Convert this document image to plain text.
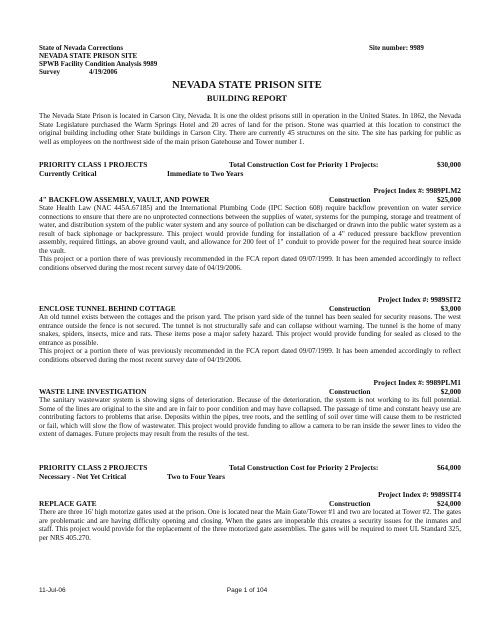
State of Nevada Corrections
NEVADA STATE PRISON SITE
SPWB Facility Condition Analysis 9989
Survey	4/19/2006
Site number: 9989
NEVADA STATE PRISON SITE
BUILDING REPORT

The Nevada State Prison is located in Carson City, Nevada. It is one the oldest prisons still in operation in the United States. In 1862, the Nevada State Legislature purchased the Warm Springs Hotel and 20 acres of land for the prison. Stone was quarried at this location to construct the original building including other State buildings in Carson City. There are currently 45 structures on the site. The site has parking for public as well as employees on the northwest side of the main prison Gatehouse and Tower number 1.

PRIORITY CLASS 1 PROJECTS	Total Construction Cost for Priority 1 Projects:	$30,000
Currently Critical	Immediate to Two Years
Project Index #: 9989PLM2
4" BACKFLOW ASSEMBLY, VAULT, AND POWER	Construction	$25,000

State Health Law (NAC 445A.67185) and the International Plumbing Code (IPC Section 608) require backflow prevention on water service connections to ensure that there are no unprotected connections between the supplies of water, systems for the pumping, storage and treatment of water, and distribution system of the public water system and any source of pollution can be discharged or drawn into the public water system as a result of back siphonage or backpressure. This project would provide funding for installation of a 4" reduced pressure backflow prevention assembly, required fittings, an above ground vault, and allowance for 200 feet of 1" conduit to provide power for the required heat source inside the vault.

This project or a portion there of was previously recommended in the FCA report dated 09/07/1999. It has been amended accordingly to reflect conditions observed during the most recent survey date of 04/19/2006.

Project Index #: 9989SIT2
ENCLOSE TUNNEL BEHIND COTTAGE	Construction	$3,000

An old tunnel exists between the cottages and the prison yard. The prison yard side of the tunnel has been sealed for security reasons. The west entrance outside the fence is not secured. The tunnel is not structurally safe and can collapse without warning. The tunnel is the home of many snakes, spiders, insects, mice and rats. These items pose a major safety hazard. This project would provide funding for sealed as closed to the entrance as possible.

This project or a portion there of was previously recommended in the FCA report dated 09/07/1999. It has been amended accordingly to reflect conditions observed during the most recent survey date of 04/19/2006.

Project Index #: 9989PLM1
WASTE LINE INVESTIGATION	Construction	$2,000

The sanitary wastewater system is showing signs of deterioration. Because of the deterioration, the system is not working to its full potential. Some of the lines are original to the site and are in fair to poor condition and may have collapsed. The passage of time and constant heavy use are contributing factors to problems that arise. Deposits within the pipes, tree roots, and the settling of soil over time will cause them to be restricted or fail, which will slow the flow of wastewater. This project would provide funding to allow a camera to be ran inside the sewer lines to video the extent of damages. Future projects may result from the results of the test.

PRIORITY CLASS 2 PROJECTS	Total Construction Cost for Priority 2 Projects:	$64,000
Necessary - Not Yet Critical	Two to Four Years
Project Index #: 9989SIT4
REPLACE GATE	Construction	$24,000

There are three 16' high motorize gates used at the prison. One is located near the Main Gate/Tower #1 and two are located at Tower #2. The gates are problematic and are having difficulty opening and closing. When the gates are inoperable this creates a security issues for the inmates and staff. This project would provide for the replacement of the three motorized gate assemblies. The gates will be required to meet UL Standard 325, per NRS 405.270.

11-Jul-06	Page 1 of 104
